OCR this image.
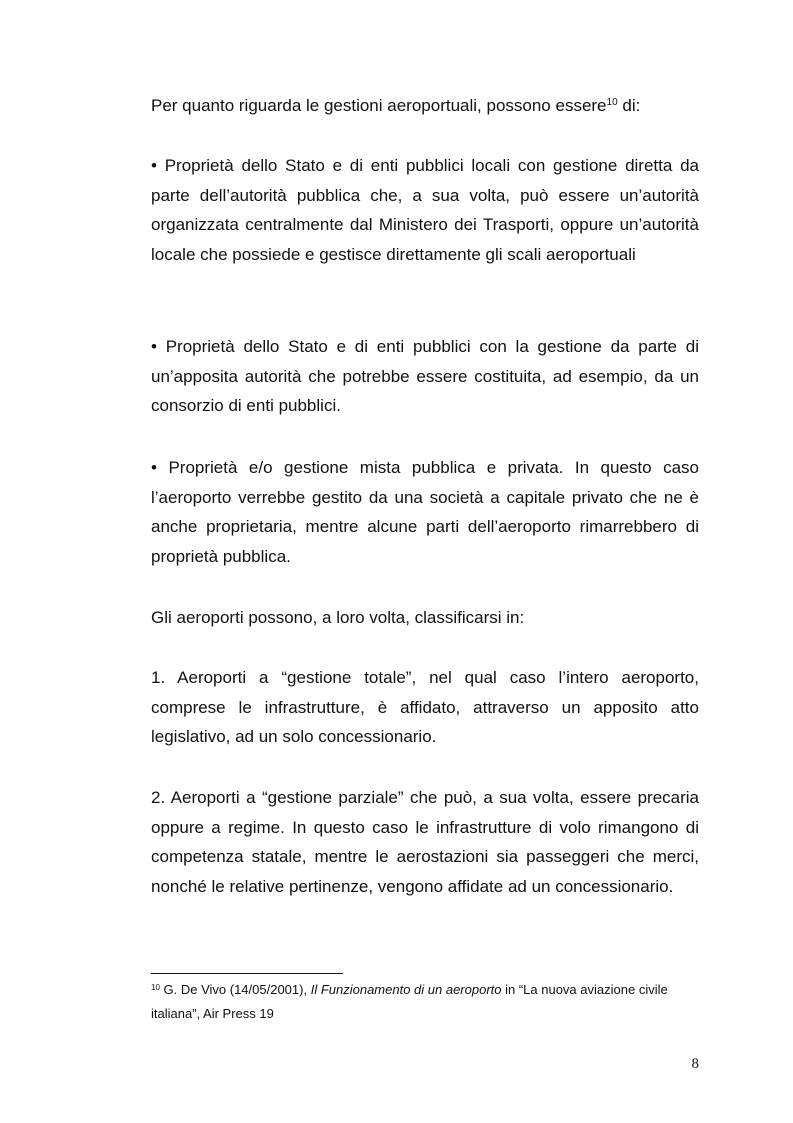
Per quanto riguarda le gestioni aeroportuali, possono essere$^{10}$ di:

• Proprietà dello Stato e di enti pubblici locali con gestione diretta da parte dell’autorità pubblica che, a sua volta, può essere un’autorità organizzata centralmente dal Ministero dei Trasporti, oppure un’autorità locale che possiede e gestisce direttamente gli scali aeroportuali

• Proprietà dello Stato e di enti pubblici con la gestione da parte di un’apposita autorità che potrebbe essere costituita, ad esempio, da un consorzio di enti pubblici.

• Proprietà e/o gestione mista pubblica e privata. In questo caso l’aeroporto verrebbe gestito da una società a capitale privato che ne è anche proprietaria, mentre alcune parti dell’aeroporto rimarrebbero di proprietà pubblica.

Gli aeroporti possono, a loro volta, classificarsi in:

1. Aeroporti a “gestione totale”, nel qual caso l’intero aeroporto, comprese le infrastrutture, è affidato, attraverso un apposito atto legislativo, ad un solo concessionario.

2. Aeroporti a “gestione parziale” che può, a sua volta, essere precaria oppure a regime. In questo caso le infrastrutture di volo rimangono di competenza statale, mentre le aerostazioni sia passeggeri che merci, nonché le relative pertinenze, vengono affidate ad un concessionario.

$^{10}$ G. De Vivo (14/05/2001), Il Funzionamento di un aeroporto in “La nuova aviazione civile italiana”, Air Press 19

8
